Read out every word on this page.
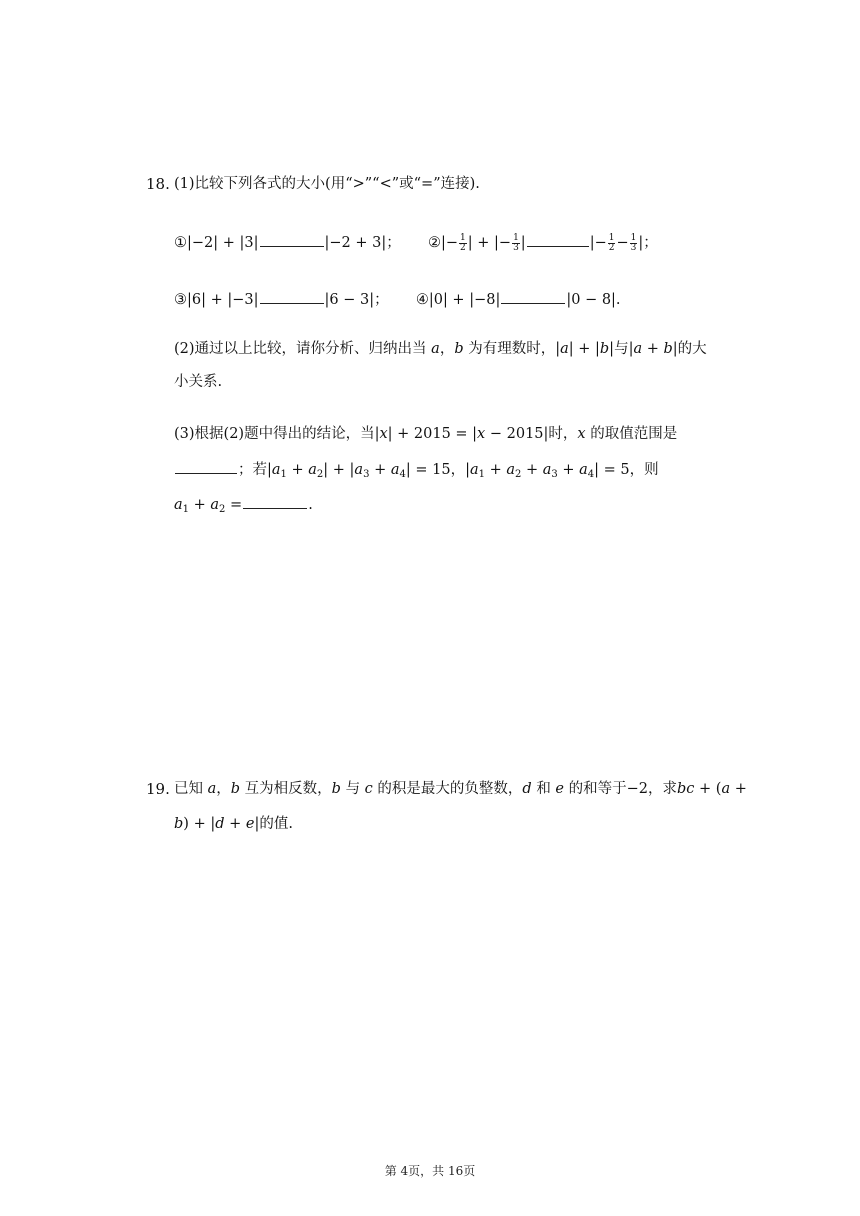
18. (1)比较下列各式的大小(用“>”“<”或“=”连接).
①|−2| + |3|	|−2 + 3|； ②|− $\frac{1}{2}$ | + |− $\frac{1}{3}$ |	|− $\frac{1}{2} - \frac{1}{3}$ |；
③|6| + |−3|	|6 − 3|； ④|0| + |−8|	|0 − 8|.
(2)通过以上比较，请你分析、归纳出当 a，b 为有理数时，|a| + |b|与|a + b|的大
小关系.
(3)根据(2)题中得出的结论，当|x| + 2015 = |x − 2015|时，x 的取值范围是
；若$|a_1 + a_2| + |a_3 + a_4| = 15$，$|a_1 + a_2 + a_3 + a_4| = 5$，则
$a_1 + a_2$ =	.
19. 已知 a，b 互为相反数，b 与 c 的积是最大的负整数，d 和 e 的和等于−2，求bc + (a +
b) + |d + e|的值.
第 4页，共 16页
